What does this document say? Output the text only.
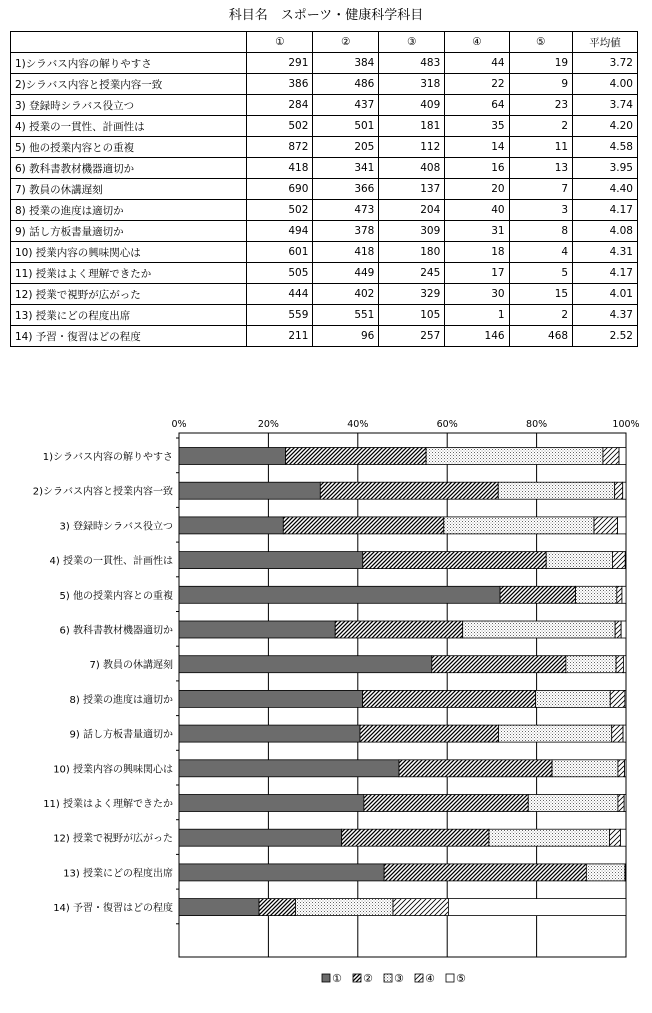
科目名　スポーツ・健康科学科目
	①	②	③	④	⑤	平均値
1)シラバス内容の解りやすさ	291	384	483	44	19	3.72
2)シラバス内容と授業内容一致	386	486	318	22	9	4.00
3) 登録時シラバス役立つ	284	437	409	64	23	3.74
4) 授業の一貫性、計画性は	502	501	181	35	2	4.20
5) 他の授業内容との重複	872	205	112	14	11	4.58
6) 教科書教材機器適切か	418	341	408	16	13	3.95
7) 教員の休講遅刻	690	366	137	20	7	4.40
8) 授業の進度は適切か	502	473	204	40	3	4.17
9) 話し方板書量適切か	494	378	309	31	8	4.08
10) 授業内容の興味関心は	601	418	180	18	4	4.31
11) 授業はよく理解できたか	505	449	245	17	5	4.17
12) 授業で視野が広がった	444	402	329	30	15	4.01
13) 授業にどの程度出席	559	551	105	1	2	4.37
14) 予習・復習はどの程度	211	96	257	146	468	2.52
0%	20%	40%	60%	80%	100%
1)シラバス内容の解りやすさ
2)シラバス内容と授業内容一致
3) 登録時シラバス役立つ
4) 授業の一貫性、計画性は
5) 他の授業内容との重複
6) 教科書教材機器適切か
7) 教員の休講遅刻
8) 授業の進度は適切か
9) 話し方板書量適切か
10) 授業内容の興味関心は
11) 授業はよく理解できたか
12) 授業で視野が広がった
13) 授業にどの程度出席
14) 予習・復習はどの程度
① ② ③ ④ ⑤
